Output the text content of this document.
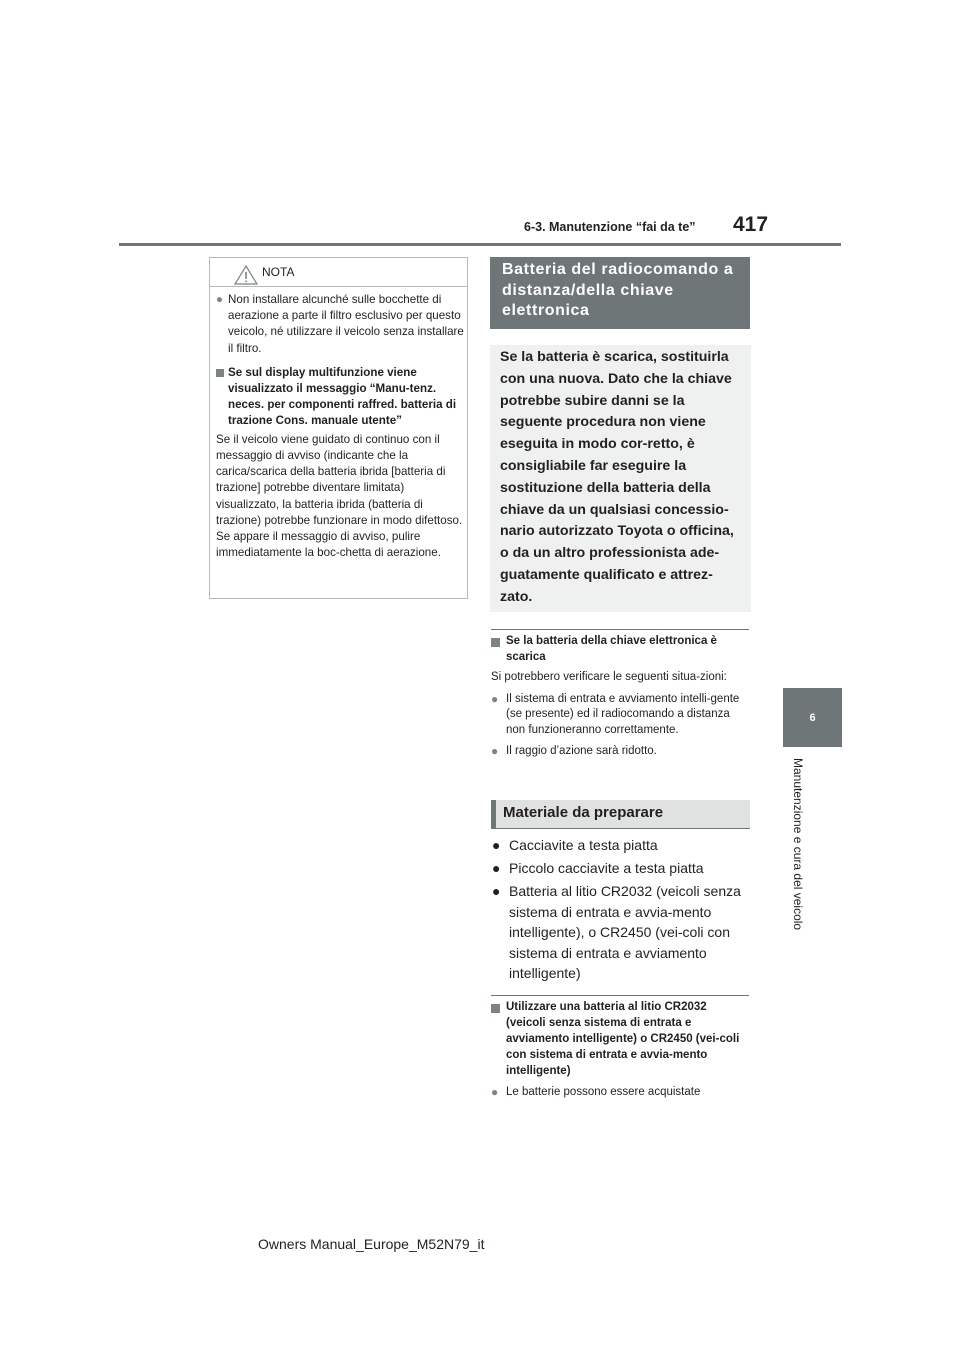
6-3. Manutenzione “fai da te” 417
6
Manutenzione e cura del veicolo
NOTA
● Non installare alcunché sulle bocchette di aerazione a parte il filtro esclusivo per questo veicolo, né utilizzare il veicolo senza installare il filtro.
Se sul display multifunzione viene visualizzato il messaggio “Manu-tenz. neces. per componenti raffred. batteria di trazione Cons. manuale utente”
Se il veicolo viene guidato di continuo con il messaggio di avviso (indicante che la carica/scarica della batteria ibrida [batteria di trazione] potrebbe diventare limitata) visualizzato, la batteria ibrida (batteria di trazione) potrebbe funzionare in modo difettoso. Se appare il messaggio di avviso, pulire immediatamente la boc-chetta di aerazione.
Batteria del radiocomando a distanza/della chiave elettronica
Se la batteria è scarica, sostituirla con una nuova. Dato che la chiave potrebbe subire danni se la seguente procedura non viene eseguita in modo cor-retto, è consigliabile far eseguire la sostituzione della batteria della chiave da un qualsiasi concessio-nario autorizzato Toyota o officina, o da un altro professionista ade-guatamente qualificato e attrez-zato.
Se la batteria della chiave elettronica è scarica
Si potrebbero verificare le seguenti situa-zioni:
● Il sistema di entrata e avviamento intelli-gente (se presente) ed il radiocomando a distanza non funzioneranno correttamente.
● Il raggio d’azione sarà ridotto.
Materiale da preparare
● Cacciavite a testa piatta
● Piccolo cacciavite a testa piatta
● Batteria al litio CR2032 (veicoli senza sistema di entrata e avvia-mento intelligente), o CR2450 (vei-coli con sistema di entrata e avviamento intelligente)
Utilizzare una batteria al litio CR2032 (veicoli senza sistema di entrata e avviamento intelligente) o CR2450 (vei-coli con sistema di entrata e avvia-mento intelligente)
● Le batterie possono essere acquistate
Owners Manual_Europe_M52N79_it
